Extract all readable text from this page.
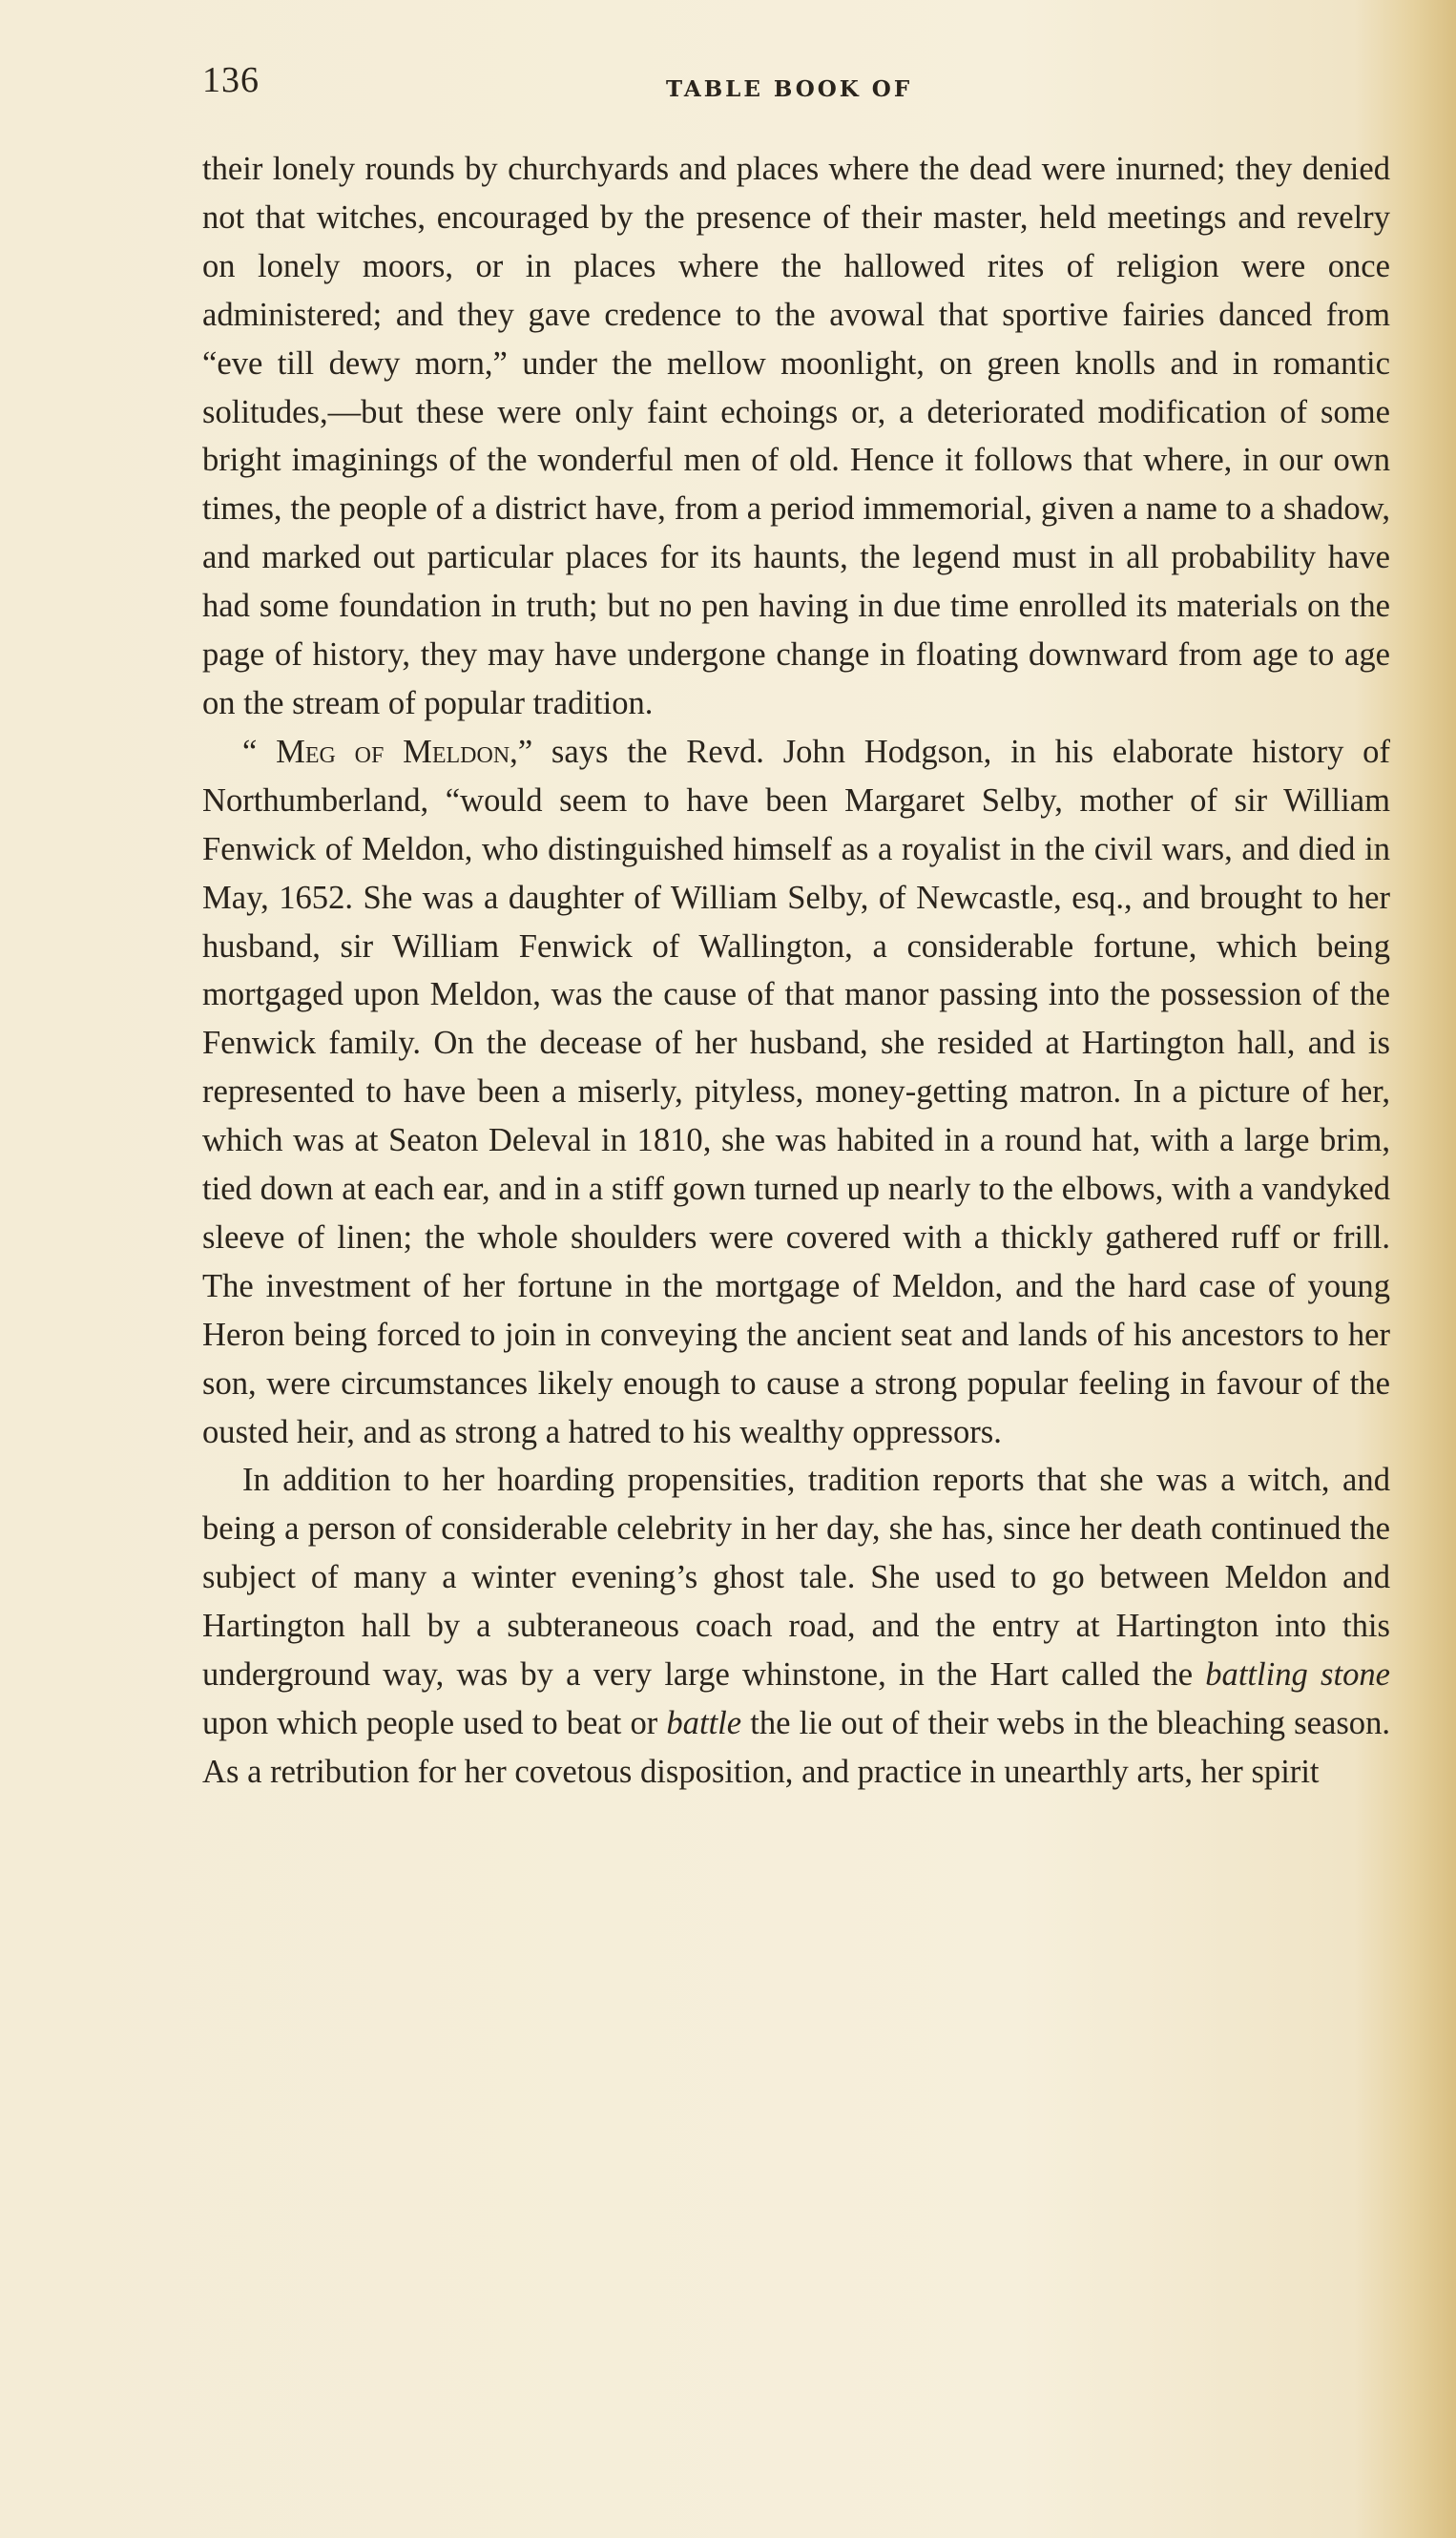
136	TABLE BOOK OF

their lonely rounds by churchyards and places where the dead were inurned; they denied not that witches, encouraged by the presence of their master, held meetings and revelry on lonely moors, or in places where the hallowed rites of religion were once administered; and they gave credence to the avowal that sportive fairies danced from “eve till dewy morn,” under the mellow moonlight, on green knolls and in romantic solitudes,—but these were only faint echoings or, a deteriorated modification of some bright imaginings of the wonderful men of old. Hence it follows that where, in our own times, the people of a district have, from a period immemorial, given a name to a shadow, and marked out particular places for its haunts, the legend must in all probability have had some foundation in truth; but no pen having in due time enrolled its materials on the page of history, they may have undergone change in floating downward from age to age on the stream of popular tradition.

“ Meg of Meldon,” says the Revd. John Hodgson, in his elaborate history of Northumberland, “would seem to have been Margaret Selby, mother of sir William Fenwick of Meldon, who distinguished himself as a royalist in the civil wars, and died in May, 1652. She was a daughter of William Selby, of Newcastle, esq., and brought to her husband, sir William Fenwick of Wallington, a considerable fortune, which being mortgaged upon Meldon, was the cause of that manor passing into the possession of the Fenwick family. On the decease of her husband, she resided at Hartington hall, and is represented to have been a miserly, pityless, money-getting matron. In a picture of her, which was at Seaton Deleval in 1810, she was habited in a round hat, with a large brim, tied down at each ear, and in a stiff gown turned up nearly to the elbows, with a vandyked sleeve of linen; the whole shoulders were covered with a thickly gathered ruff or frill. The investment of her fortune in the mortgage of Meldon, and the hard case of young Heron being forced to join in conveying the ancient seat and lands of his ancestors to her son, were circumstances likely enough to cause a strong popular feeling in favour of the ousted heir, and as strong a hatred to his wealthy oppressors.

In addition to her hoarding propensities, tradition reports that she was a witch, and being a person of considerable celebrity in her day, she has, since her death continued the subject of many a winter evening’s ghost tale. She used to go between Meldon and Hartington hall by a subteraneous coach road, and the entry at Hartington into this underground way, was by a very large whinstone, in the Hart called the battling stone upon which people used to beat or battle the lie out of their webs in the bleaching season. As a retribution for her covetous disposition, and practice in unearthly arts, her spirit
